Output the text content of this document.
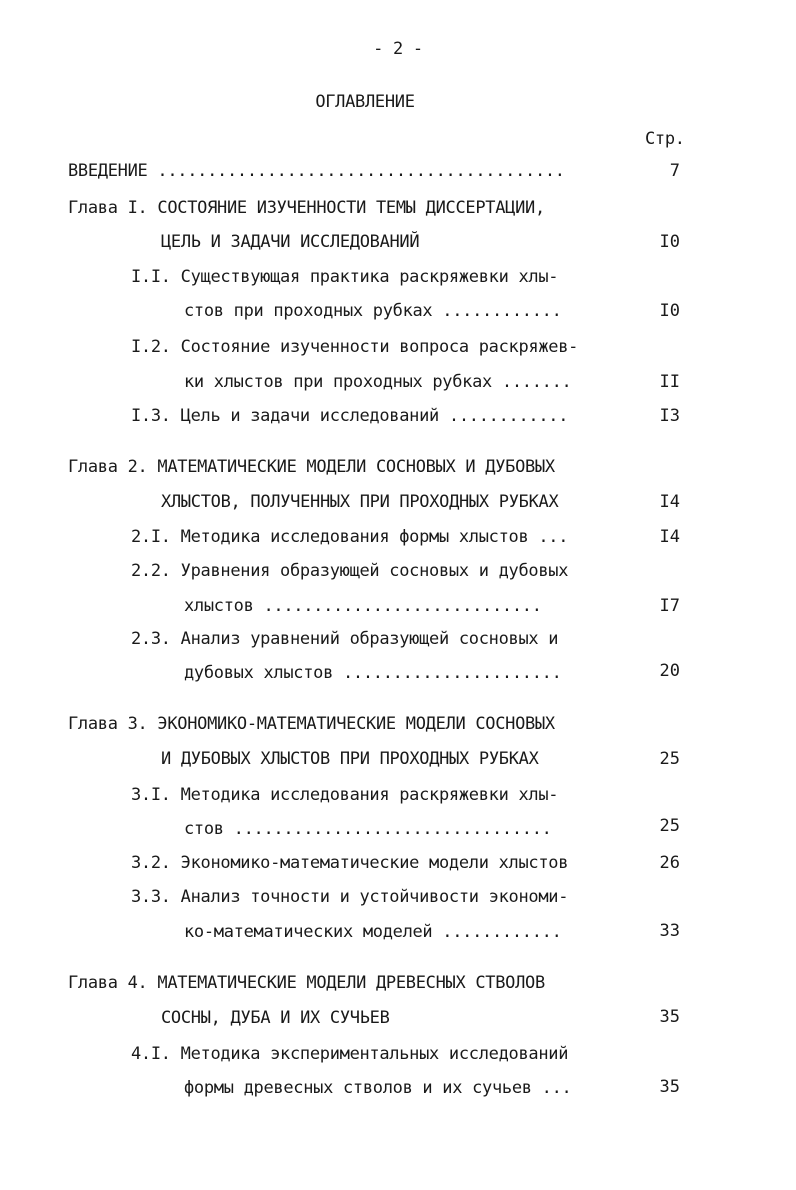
- 2 -
ОГЛАВЛЕНИЕ
Стр.
ВВЕДЕНИЕ .........................................	7
Глава I. СОСТОЯНИЕ ИЗУЧЕННОСТИ ТЕМЫ ДИССЕРТАЦИИ,
ЦЕЛЬ И ЗАДАЧИ ИССЛЕДОВАНИЙ	I0
I.I. Существующая практика раскряжевки хлы-
стов при проходных рубках ............	I0
I.2. Состояние изученности вопроса раскряжев-
ки хлыстов при проходных рубках .......	II
I.3. Цель и задачи исследований ............	I3
Глава 2. МАТЕМАТИЧЕСКИЕ МОДЕЛИ СОСНОВЫХ И ДУБОВЫХ
ХЛЫСТОВ, ПОЛУЧЕННЫХ ПРИ ПРОХОДНЫХ РУБКАХ	I4
2.I. Методика исследования формы хлыстов ...	I4
2.2. Уравнения образующей сосновых и дубовых
хлыстов ............................	I7
2.3. Анализ уравнений образующей сосновых и
дубовых хлыстов ......................	20
Глава 3. ЭКОНОМИКО-МАТЕМАТИЧЕСКИЕ МОДЕЛИ СОСНОВЫХ
И ДУБОВЫХ ХЛЫСТОВ ПРИ ПРОХОДНЫХ РУБКАХ	25
3.I. Методика исследования раскряжевки хлы-
стов ................................	25
3.2. Экономико-математические модели хлыстов	26
3.3. Анализ точности и устойчивости экономи-
ко-математических моделей ............	33
Глава 4. МАТЕМАТИЧЕСКИЕ МОДЕЛИ ДРЕВЕСНЫХ СТВОЛОВ
СОСНЫ, ДУБА И ИХ СУЧЬЕВ	35
4.I. Методика экспериментальных исследований
формы древесных стволов и их сучьев ...	35
